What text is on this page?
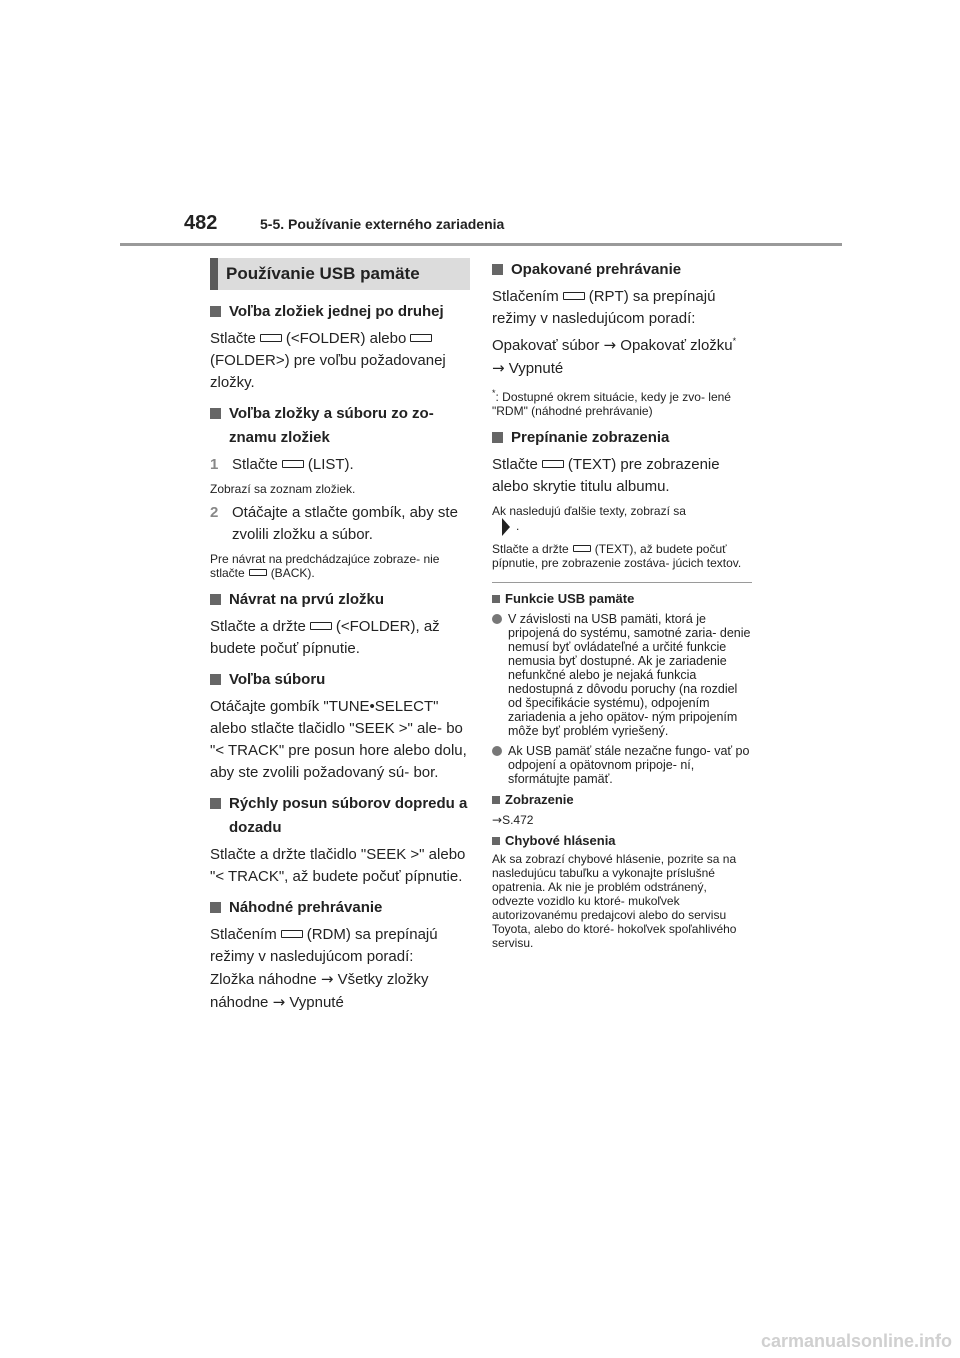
482	5-5. Používanie externého zariadenia
Používanie USB pamäte
Voľba zložiek jednej po druhej
Stlačte (<FOLDER) alebo (FOLDER>) pre voľbu požadovanej zložky.
Voľba zložky a súboru zo zo- znamu zložiek
1 Stlačte (LIST).
Zobrazí sa zoznam zložiek.
2 Otáčajte a stlačte gombík, aby ste zvolili zložku a súbor.
Pre návrat na predchádzajúce zobraze- nie stlačte (BACK).
Návrat na prvú zložku
Stlačte a držte (<FOLDER), až budete počuť pípnutie.
Voľba súboru
Otáčajte gombík "TUNE•SELECT" alebo stlačte tlačidlo "SEEK >" ale- bo "< TRACK" pre posun hore alebo dolu, aby ste zvolili požadovaný sú- bor.
Rýchly posun súborov dopredu a dozadu
Stlačte a držte tlačidlo "SEEK >" alebo "< TRACK", až budete počuť pípnutie.
Náhodné prehrávanie
Stlačením (RDM) sa prepínajú režimy v nasledujúcom poradí:
Zložka náhodne → Všetky zložky náhodne → Vypnuté
Opakované prehrávanie
Stlačením (RPT) sa prepínajú režimy v nasledujúcom poradí:
Opakovať súbor → Opakovať zložku*
→ Vypnuté
*: Dostupné okrem situácie, kedy je zvo- lené "RDM" (náhodné prehrávanie)
Prepínanie zobrazenia
Stlačte (TEXT) pre zobrazenie alebo skrytie titulu albumu.
Ak nasledujú ďalšie texty, zobrazí sa
.
Stlačte a držte (TEXT), až budete počuť pípnutie, pre zobrazenie zostáva- júcich textov.
Funkcie USB pamäte
V závislosti na USB pamäti, ktorá je pripojená do systému, samotné zaria- denie nemusí byť ovládateľné a určité funkcie nemusia byť dostupné. Ak je zariadenie nefunkčné alebo je nejaká funkcia nedostupná z dôvodu poruchy (na rozdiel od špecifikácie systému), odpojením zariadenia a jeho opätov- ným pripojením môže byť problém vyriešený.
Ak USB pamäť stále nezačne fungo- vať po odpojení a opätovnom pripoje- ní, sformátujte pamäť.
Zobrazenie
→S.472
Chybové hlásenia
Ak sa zobrazí chybové hlásenie, pozrite sa na nasledujúcu tabuľku a vykonajte príslušné opatrenia. Ak nie je problém odstránený, odvezte vozidlo ku ktoré- mukoľvek autorizovanému predajcovi alebo do servisu Toyota, alebo do ktoré- hokoľvek spoľahlivého servisu.
carmanualsonline.info
